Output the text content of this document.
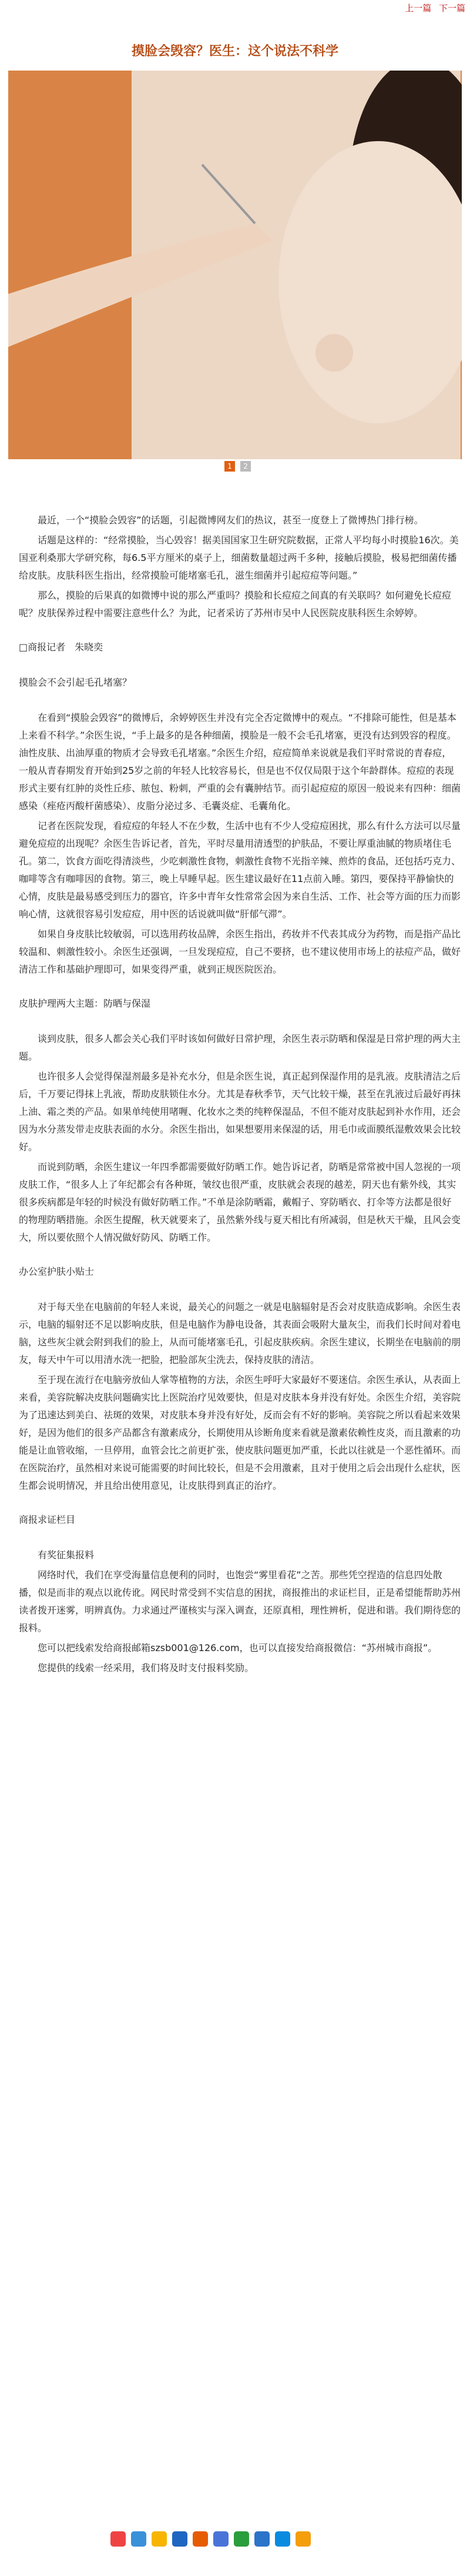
上一篇 下一篇
摸脸会毁容？医生：这个说法不科学
1 2

最近，一个“摸脸会毁容”的话题，引起微博网友们的热议，甚至一度登上了微博热门排行榜。

话题是这样的：“经常摸脸，当心毁容！据美国国家卫生研究院数据，正常人平均每小时摸脸16次。美国亚利桑那大学研究称，每6.5平方厘米的桌子上，细菌数量超过两千多种，接触后摸脸，极易把细菌传播给皮肤。皮肤科医生指出，经常摸脸可能堵塞毛孔，滋生细菌并引起痘痘等问题。”

那么，摸脸的后果真的如微博中说的那么严重吗？摸脸和长痘痘之间真的有关联吗？如何避免长痘痘呢？皮肤保养过程中需要注意些什么？为此，记者采访了苏州市吴中人民医院皮肤科医生余婷婷。

□商报记者　朱晓奕

摸脸会不会引起毛孔堵塞？

在看到“摸脸会毁容”的微博后，余婷婷医生并没有完全否定微博中的观点。“不排除可能性，但是基本上来看不科学。”余医生说，“手上最多的是各种细菌，摸脸是一般不会毛孔堵塞，更没有达到毁容的程度。油性皮肤、出油厚重的物质才会导致毛孔堵塞。”余医生介绍，痘痘简单来说就是我们平时常说的青春痘，一般从青春期发育开始到25岁之前的年轻人比较容易长，但是也不仅仅局限于这个年龄群体。痘痘的表现形式主要有红肿的炎性丘疹、脓包、粉刺，严重的会有囊肿结节。而引起痘痘的原因一般说来有四种：细菌感染（痤疮丙酸杆菌感染）、皮脂分泌过多、毛囊炎症、毛囊角化。

记者在医院发现，看痘痘的年轻人不在少数，生活中也有不少人受痘痘困扰，那么有什么方法可以尽量避免痘痘的出现呢？余医生告诉记者，首先，平时尽量用清透型的护肤品，不要让厚重油腻的物质堵住毛孔。第二，饮食方面吃得清淡些，少吃刺激性食物，刺激性食物不光指辛辣、煎炸的食品，还包括巧克力、咖啡等含有咖啡因的食物。第三，晚上早睡早起。医生建议最好在11点前入睡。第四，要保持平静愉快的心情，皮肤是最易感受到压力的器官，许多中青年女性常常会因为来自生活、工作、社会等方面的压力而影响心情，这就很容易引发痘痘，用中医的话说就叫做“肝郁气滞”。

如果自身皮肤比较敏弱，可以选用药妆品牌，余医生指出，药妆并不代表其成分为药物，而是指产品比较温和、刺激性较小。余医生还强调，一旦发现痘痘，自己不要挤，也不建议使用市场上的祛痘产品，做好清洁工作和基础护理即可，如果变得严重，就到正规医院医治。

皮肤护理两大主题：防晒与保湿

谈到皮肤，很多人都会关心我们平时该如何做好日常护理，余医生表示防晒和保湿是日常护理的两大主题。

也许很多人会觉得保湿剂最多是补充水分，但是余医生说，真正起到保湿作用的是乳液。皮肤清洁之后后，千万要记得抹上乳液，帮助皮肤锁住水分。尤其是春秋季节，天气比较干燥，甚至在乳液过后最好再抹上油、霜之类的产品。如果单纯使用啫喱、化妆水之类的纯粹保湿品，不但不能对皮肤起到补水作用，还会因为水分蒸发带走皮肤表面的水分。余医生指出，如果想要用来保湿的话，用毛巾或面膜纸湿敷效果会比较好。

而说到防晒，余医生建议一年四季都需要做好防晒工作。她告诉记者，防晒是常常被中国人忽视的一项皮肤工作，“很多人上了年纪都会有各种斑，皱纹也很严重，皮肤就会表现的越差，阴天也有紫外线，其实很多疾病都是年轻的时候没有做好防晒工作。”不单是涂防晒霜，戴帽子、穿防晒衣、打伞等方法都是很好的物理防晒措施。余医生提醒，秋天就要来了，虽然紫外线与夏天相比有所减弱，但是秋天干燥，且风会变大，所以要依照个人情况做好防风、防晒工作。

办公室护肤小贴士

对于每天坐在电脑前的年轻人来说，最关心的问题之一就是电脑辐射是否会对皮肤造成影响。余医生表示，电脑的辐射还不足以影响皮肤，但是电脑作为静电设备，其表面会吸附大量灰尘，而我们长时间对着电脑，这些灰尘就会附到我们的脸上，从而可能堵塞毛孔，引起皮肤疾病。余医生建议，长期坐在电脑前的朋友，每天中午可以用清水洗一把脸，把脸部灰尘洗去，保持皮肤的清洁。

至于现在流行在电脑旁放仙人掌等植物的方法，余医生呼吁大家最好不要迷信。余医生承认，从表面上来看，美容院解决皮肤问题确实比上医院治疗见效要快，但是对皮肤本身并没有好处。余医生介绍，美容院为了迅速达到美白、祛斑的效果，对皮肤本身并没有好处，反而会有不好的影响。美容院之所以看起来效果好，是因为他们的很多产品都含有激素成分，长期使用从诊断角度来看就是激素依赖性皮炎，而且激素的功能是让血管收缩，一旦停用，血管会比之前更扩张，使皮肤问题更加严重，长此以往就是一个恶性循环。而在医院治疗，虽然相对来说可能需要的时间比较长，但是不会用激素，且对于使用之后会出现什么症状，医生都会说明情况，并且给出使用意见，让皮肤得到真正的治疗。

商报求证栏目

有奖征集报料

网络时代，我们在享受海量信息便利的同时，也饱尝“雾里看花”之苦。那些凭空捏造的信息四处散播，似是而非的观点以讹传讹。网民时常受到不实信息的困扰，商报推出的求证栏目，正是希望能帮助苏州读者拨开迷雾，明辨真伪。力求通过严谨核实与深入调查，还原真相，理性辨析，促进和谐。我们期待您的报料。

您可以把线索发给商报邮箱szsb001@126.com，也可以直接发给商报微信：“苏州城市商报”。

您提供的线索一经采用，我们将及时支付报料奖励。
